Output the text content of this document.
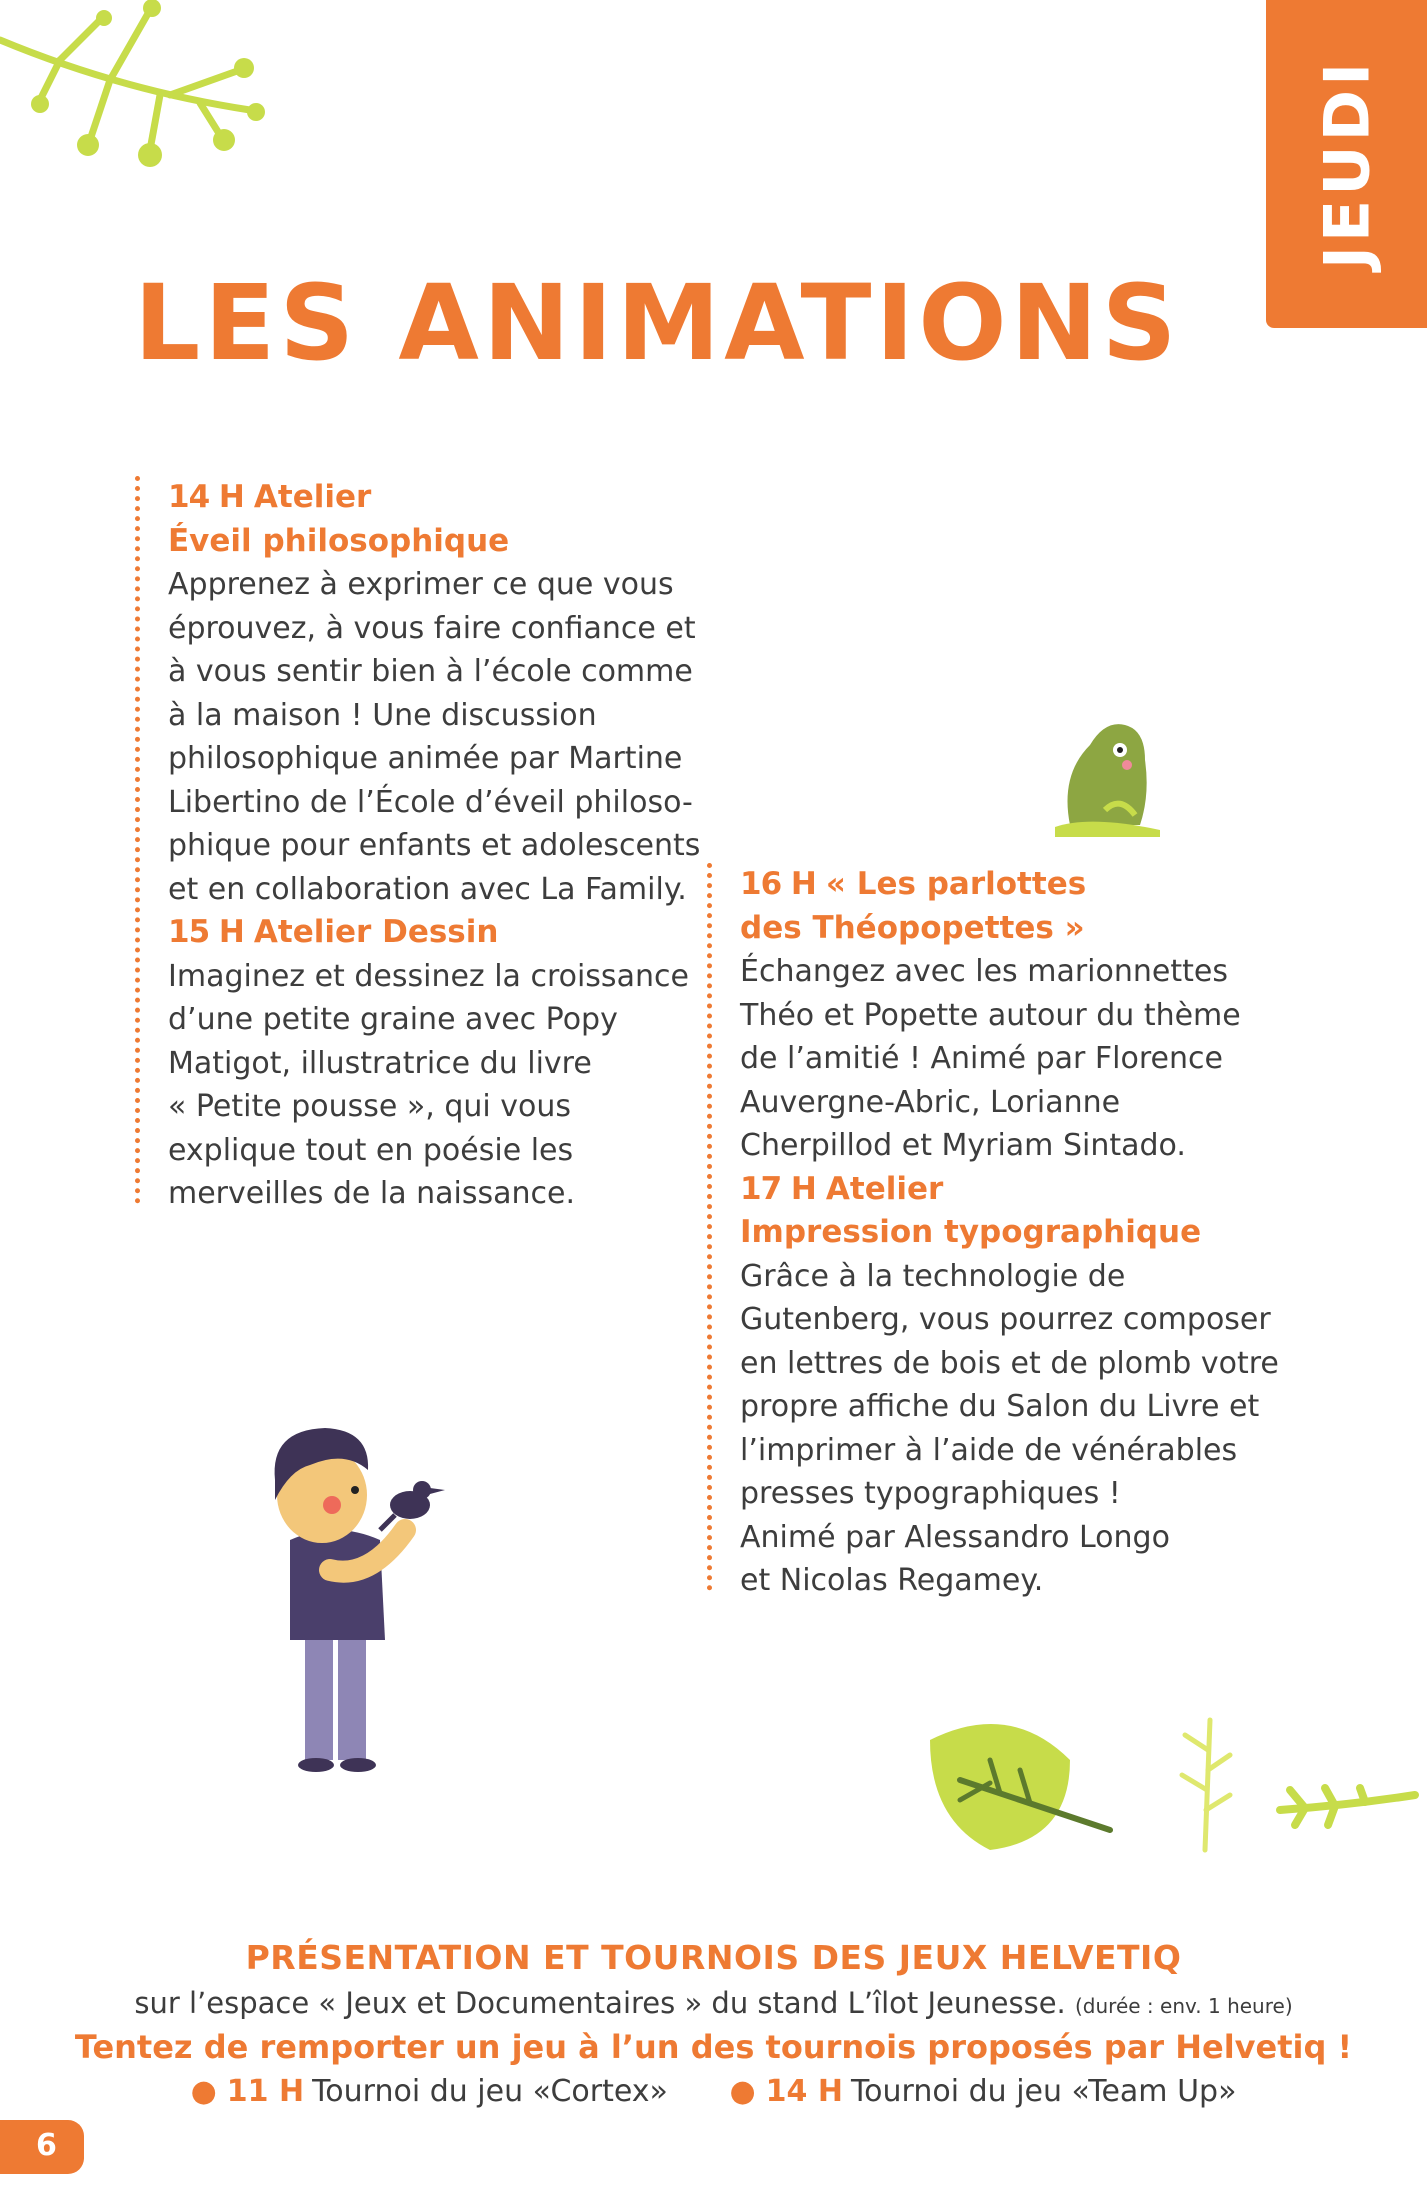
JEUDI
LES ANIMATIONS

14 H Atelier

Éveil philosophique

Apprenez à exprimer ce que vous
éprouvez, à vous faire confiance et
à vous sentir bien à l’école comme
à la maison ! Une discussion
philosophique animée par Martine
Libertino de l’École d’éveil philoso-
phique pour enfants et adolescents
et en collaboration avec La Family.

15 H Atelier Dessin

Imaginez et dessinez la croissance
d’une petite graine avec Popy
Matigot, illustratrice du livre
« Petite pousse », qui vous
explique tout en poésie les
merveilles de la naissance.

16 H « Les parlottes

des Théopopettes »

Échangez avec les marionnettes
Théo et Popette autour du thème
de l’amitié ! Animé par Florence
Auvergne-Abric, Lorianne
Cherpillod et Myriam Sintado.

17 H Atelier

Impression typographique

Grâce à la technologie de
Gutenberg, vous pourrez composer
en lettres de bois et de plomb votre
propre affiche du Salon du Livre et
l’imprimer à l’aide de vénérables
presses typographiques !
Animé par Alessandro Longo
et Nicolas Regamey.

PRÉSENTATION ET TOURNOIS DES JEUX HELVETIQ
sur l’espace « Jeux et Documentaires » du stand L’îlot Jeunesse. (durée : env. 1 heure)
Tentez de remporter un jeu à l’un des tournois proposés par Helvetiq !
● 11 H Tournoi du jeu «Cortex» ● 14 H Tournoi du jeu «Team Up»
6
